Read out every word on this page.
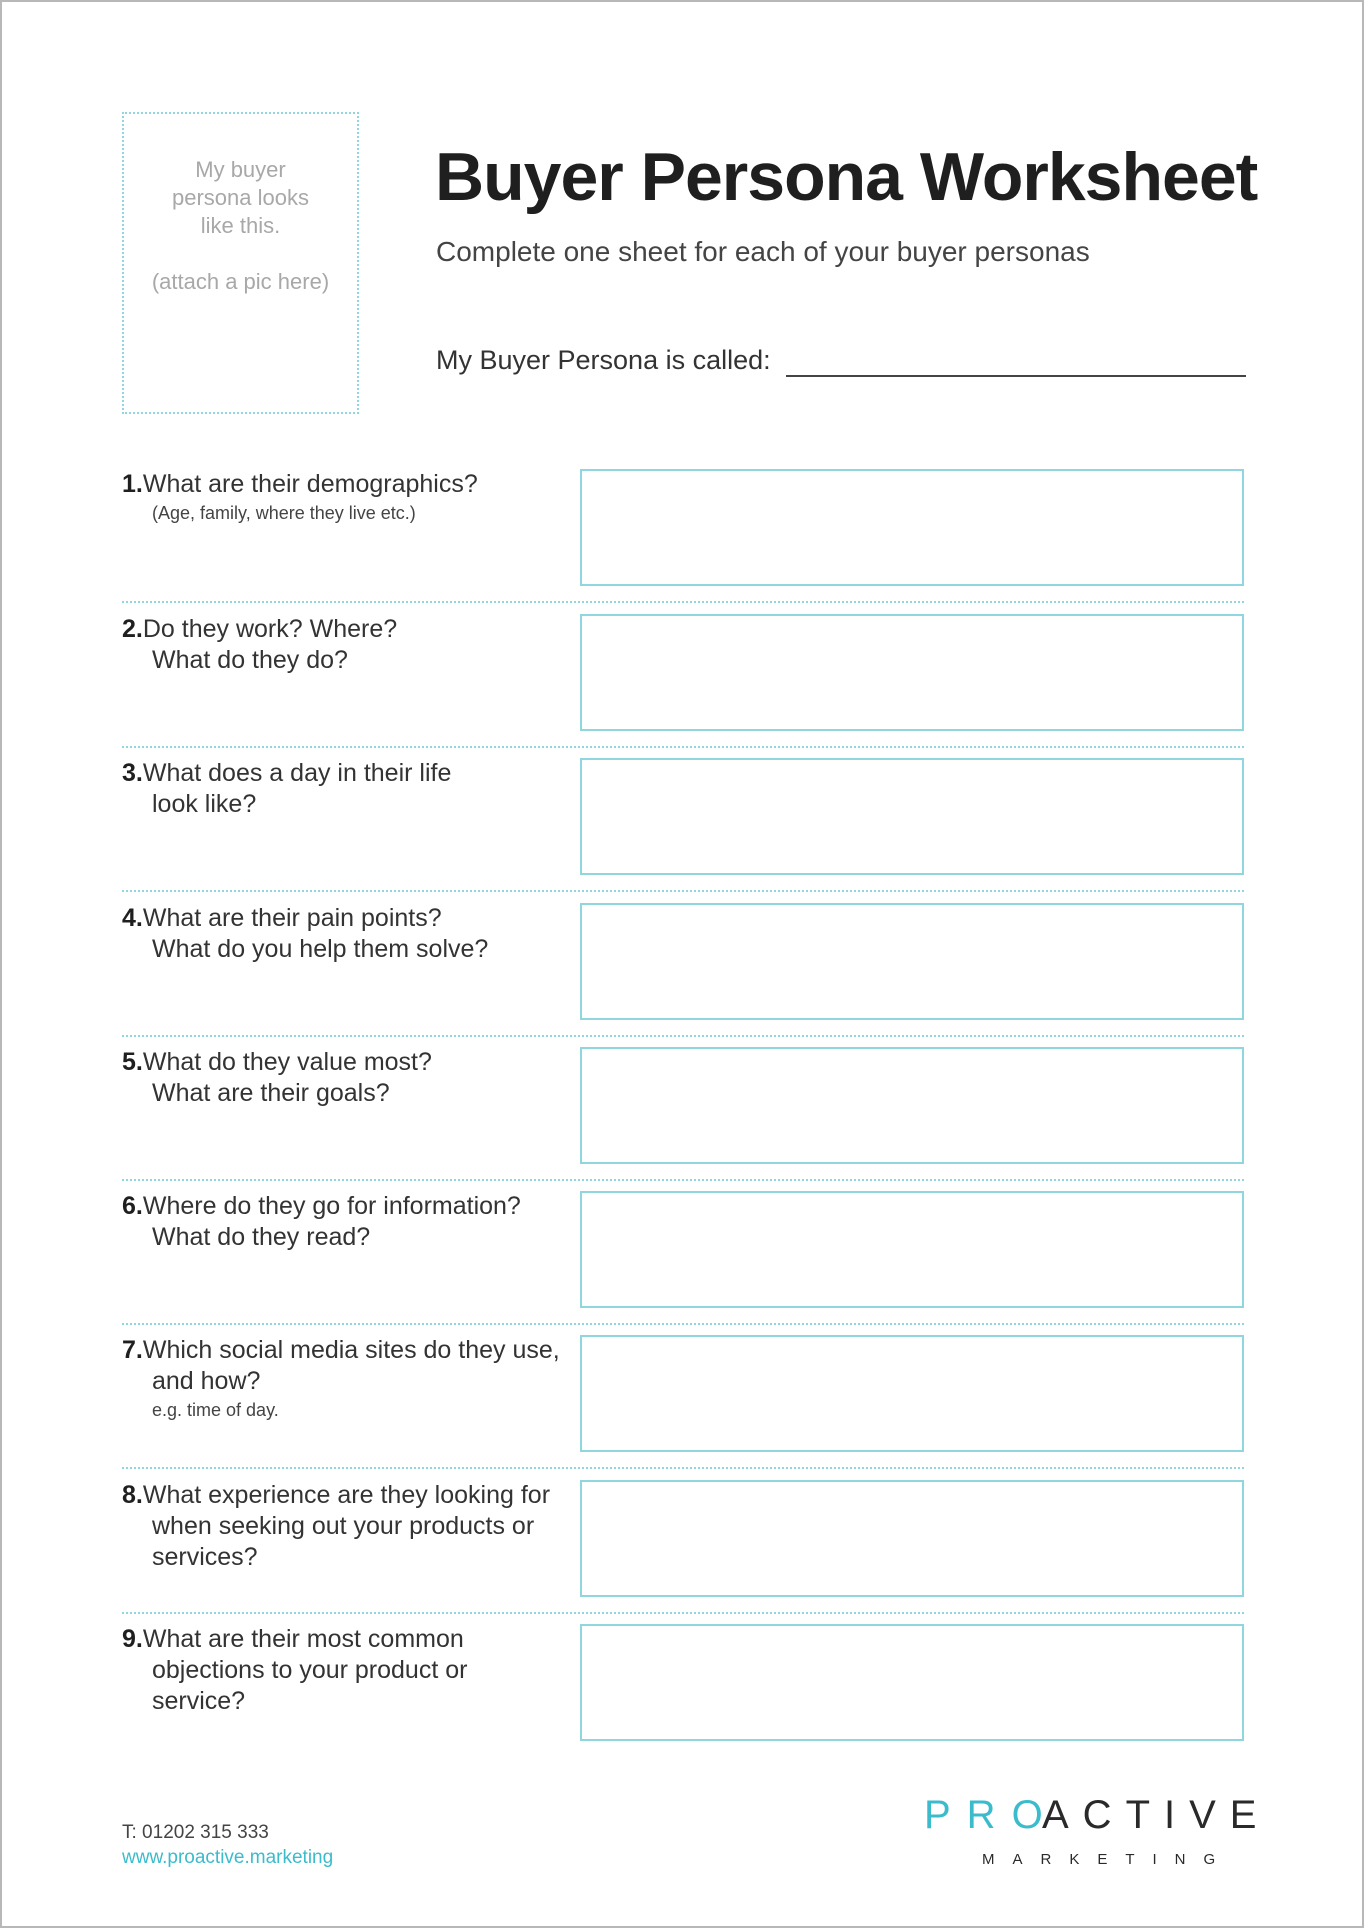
My buyer
persona looks
like this.
(attach a pic here)
Buyer Persona Worksheet
Complete one sheet for each of your buyer personas
My Buyer Persona is called:
1.What are their demographics?
(Age, family, where they live etc.)
2.Do they work? Where?
What do they do?
3.What does a day in their life
look like?
4.What are their pain points?
What do you help them solve?
5.What do they value most?
What are their goals?
6.Where do they go for information?
What do they read?
7.Which social media sites do they use,
and how?
e.g. time of day.
8.What experience are they looking for
when seeking out your products or
services?
9.What are their most common
objections to your product or
service?
T: 01202 315 333
www.proactive.marketing
PRO
ACTIVE
MARKETING
